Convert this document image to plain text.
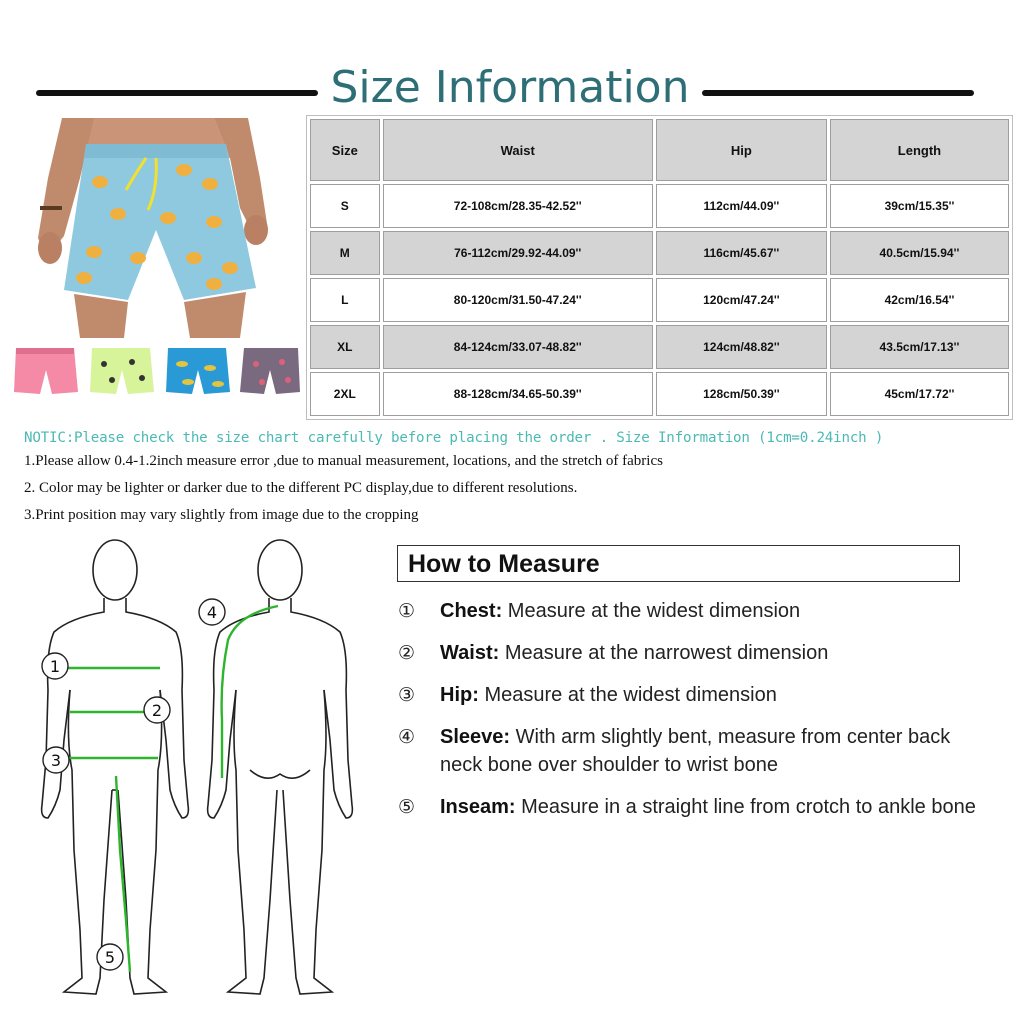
Size Information
Size	Waist	Hip	Length
S	72-108cm/28.35-42.52''	112cm/44.09''	39cm/15.35''
M	76-112cm/29.92-44.09''	116cm/45.67''	40.5cm/15.94''
L	80-120cm/31.50-47.24''	120cm/47.24''	42cm/16.54''
XL	84-124cm/33.07-48.82''	124cm/48.82''	43.5cm/17.13''
2XL	88-128cm/34.65-50.39''	128cm/50.39''	45cm/17.72''
NOTIC:Please check the size chart carefully before placing the order . Size Information (1cm=0.24inch )
1.Please allow 0.4-1.2inch measure error ,due to manual measurement, locations, and the stretch of fabrics
2. Color may be lighter or darker due to the different PC display,due to different resolutions.
3.Print position may vary slightly from image due to the cropping
1
2
3
4
5
How to Measure
①	Chest: Measure at the widest dimension
②	Waist: Measure at the narrowest dimension
③	Hip: Measure at the widest dimension
④	Sleeve: With arm slightly bent, measure from center back neck bone over shoulder to wrist bone
⑤	Inseam: Measure in a straight line from crotch to ankle bone
